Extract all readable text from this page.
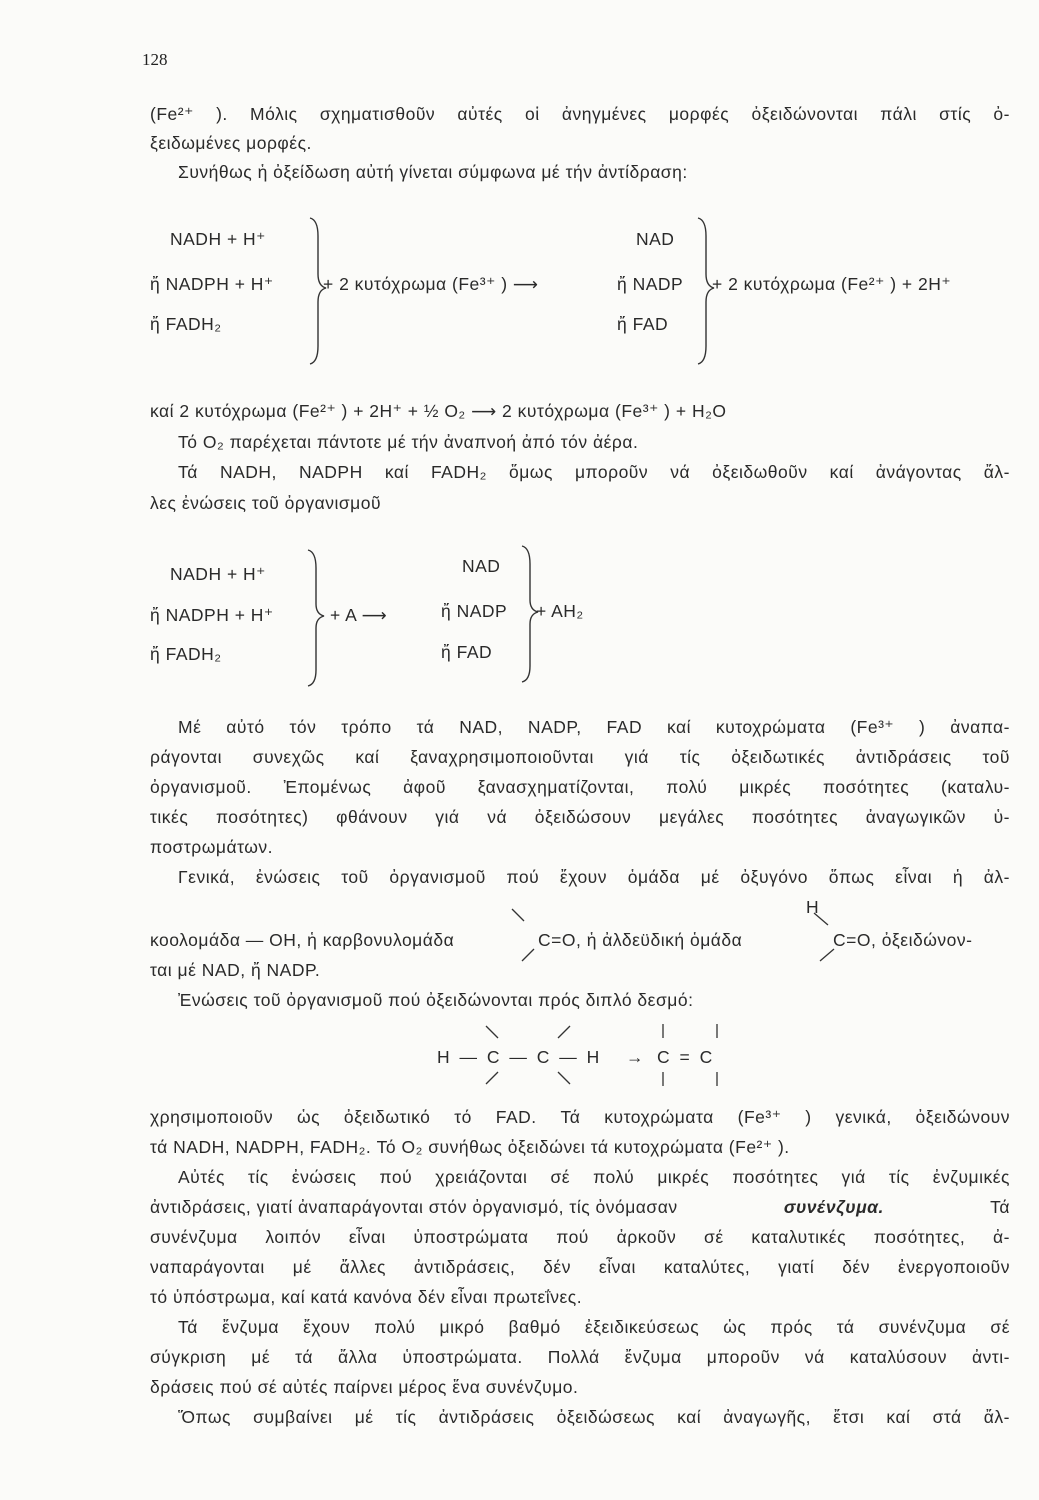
128
(Fe²⁺ ). Μόλις σχηματισθοῦν αὐτές οἱ ἀνηγμένες μορφές ὀξειδώνονται πάλι στίς ὀ-
ξειδωμένες μορφές.
Συνήθως ἡ ὀξείδωση αὐτή γίνεται σύμφωνα μέ τήν ἀντίδραση:
NADH + H⁺
ἤ NADPH + H⁺
ἤ FADH₂
+ 2 κυτόχρωμα (Fe³⁺ ) ⟶
NAD
ἤ NADP
ἤ FAD
+ 2 κυτόχρωμα (Fe²⁺ ) + 2H⁺
καί 2 κυτόχρωμα (Fe²⁺ ) + 2H⁺ + ½ O₂ ⟶ 2 κυτόχρωμα (Fe³⁺ ) + H₂O
Τό O₂ παρέχεται πάντοτε μέ τήν ἀναπνοή ἀπό τόν ἀέρα.
Τά NADH, NADPH καί FADH₂ ὅμως μποροῦν νά ὀξειδωθοῦν καί ἀνάγοντας ἄλ-
λες ἐνώσεις τοῦ ὀργανισμοῦ
NADH + H⁺
ἤ NADPH + H⁺
ἤ FADH₂
+ A ⟶
NAD
ἤ NADP
ἤ FAD
+ AH₂
Μέ αὐτό τόν τρόπο τά NAD, NADP, FAD καί κυτοχρώματα (Fe³⁺ ) ἀναπα-
ράγονται συνεχῶς καί ξαναχρησιμοποιοῦνται γιά τίς ὀξειδωτικές ἀντιδράσεις τοῦ
ὀργανισμοῦ. Ἐπομένως ἀφοῦ ξανασχηματίζονται, πολύ μικρές ποσότητες (καταλυ-
τικές ποσότητες) φθάνουν γιά νά ὀξειδώσουν μεγάλες ποσότητες ἀναγωγικῶν ὑ-
ποστρωμάτων.
Γενικά, ἐνώσεις τοῦ ὀργανισμοῦ πού ἔχουν ὁμάδα μέ ὀξυγόνο ὅπως εἶναι ἡ ἀλ-
H
κοολομάδα — OH, ἡ καρβονυλομάδα	C=O, ἡ ἀλδεϋδική ὁμάδα	C=O, ὀξειδώνον-
ται μέ NAD, ἤ NADP.
Ἐνώσεις τοῦ ὀργανισμοῦ πού ὀξειδώνονται πρός διπλό δεσμό:
H — C — C — H → C = C
χρησιμοποιοῦν ὡς ὀξειδωτικό τό FAD. Τά κυτοχρώματα (Fe³⁺ ) γενικά, ὀξειδώνουν
τά NADH, NADPH, FADH₂. Τό O₂ συνήθως ὀξειδώνει τά κυτοχρώματα (Fe²⁺ ).
Αὐτές τίς ἐνώσεις πού χρειάζονται σέ πολύ μικρές ποσότητες γιά τίς ἐνζυμικές
ἀντιδράσεις, γιατί ἀναπαράγονται στόν ὀργανισμό, τίς ὀνόμασαν	συνένζυμα.	Τά
συνένζυμα λοιπόν εἶναι ὑποστρώματα πού ἀρκοῦν σέ καταλυτικές ποσότητες, ἀ-
ναπαράγονται μέ ἄλλες ἀντιδράσεις, δέν εἶναι καταλύτες, γιατί δέν ἐνεργοποιοῦν
τό ὑπόστρωμα, καί κατά κανόνα δέν εἶναι πρωτεΐνες.
Τά ἔνζυμα ἔχουν πολύ μικρό βαθμό ἐξειδικεύσεως ὡς πρός τά συνένζυμα σέ
σύγκριση μέ τά ἄλλα ὑποστρώματα. Πολλά ἔνζυμα μποροῦν νά καταλύσουν ἀντι-
δράσεις πού σέ αὐτές παίρνει μέρος ἕνα συνένζυμο.
Ὅπως συμβαίνει μέ τίς ἀντιδράσεις ὀξειδώσεως καί ἀναγωγῆς, ἔτσι καί στά ἄλ-
